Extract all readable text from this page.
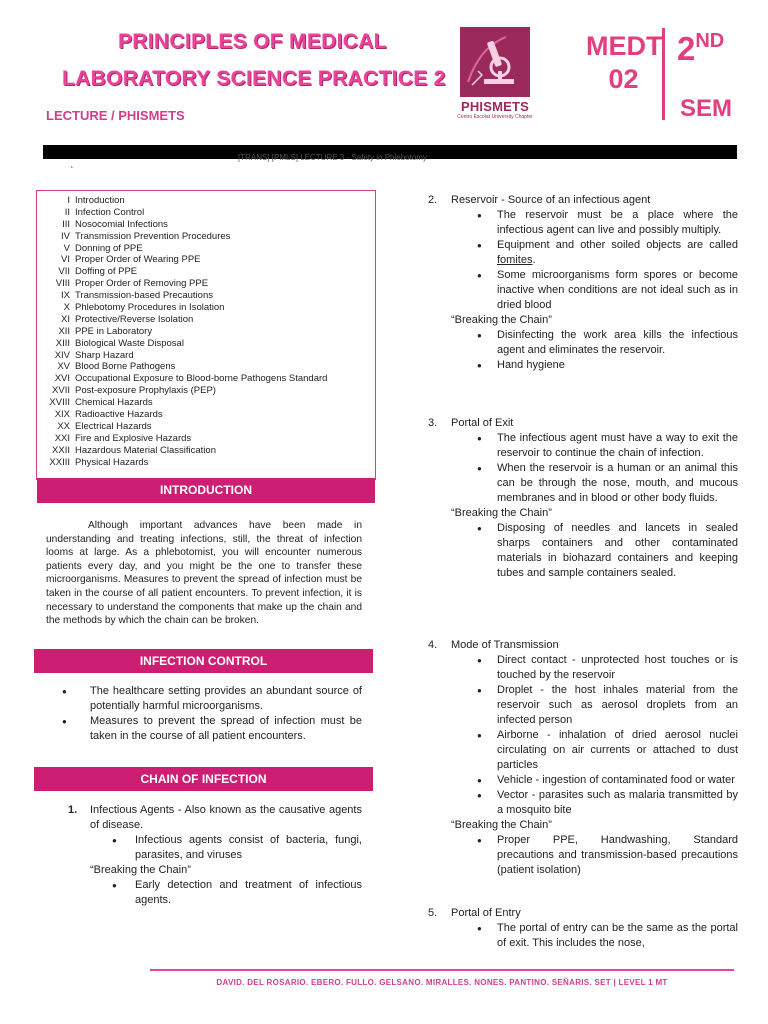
PRINCIPLES OF MEDICAL
LABORATORY SCIENCE PRACTICE 2
LECTURE / PHISMETS
PHISMETS
Centro Escolar University Chapter
MEDT
02
2ND
SEM
[TRANS] [PMLS] LECTURE 3 - Safety in Phlebotomy
`
I Introduction
II Infection Control
III Nosocomial Infections
IV Transmission Prevention Procedures
V Donning of PPE
VI Proper Order of Wearing PPE
VII Doffing of PPE
VIII Proper Order of Removing PPE
IX Transmission-based Precautions
X Phlebotomy Procedures in Isolation
XI Protective/Reverse Isolation
XII PPE in Laboratory
XIII Biological Waste Disposal
XIV Sharp Hazard
XV Blood Borne Pathogens
XVI Occupational Exposure to Blood-borne Pathogens Standard
XVII Post-exposure Prophylaxis (PEP)
XVIII Chemical Hazards
XIX Radioactive Hazards
XX Electrical Hazards
XXI Fire and Explosive Hazards
XXII Hazardous Material Classification
XXIII Physical Hazards
INTRODUCTION
Although important advances have been made in understanding and treating infections, still, the threat of infection looms at large. As a phlebotomist, you will encounter numerous patients every day, and you might be the one to transfer these microorganisms. Measures to prevent the spread of infection must be taken in the course of all patient encounters. To prevent infection, it is necessary to understand the components that make up the chain and the methods by which the chain can be broken.
INFECTION CONTROL
● The healthcare setting provides an abundant source of potentially harmful microorganisms.
● Measures to prevent the spread of infection must be taken in the course of all patient encounters.
CHAIN OF INFECTION
1. Infectious Agents - Also known as the causative agents of disease.
● Infectious agents consist of bacteria, fungi, parasites, and viruses
“Breaking the Chain”
● Early detection and treatment of infectious agents.
2. Reservoir - Source of an infectious agent
● The reservoir must be a place where the infectious agent can live and possibly multiply.
● Equipment and other soiled objects are called fomites.
● Some microorganisms form spores or become inactive when conditions are not ideal such as in dried blood
“Breaking the Chain”
● Disinfecting the work area kills the infectious agent and eliminates the reservoir.
● Hand hygiene
3. Portal of Exit
● The infectious agent must have a way to exit the reservoir to continue the chain of infection.
● When the reservoir is a human or an animal this can be through the nose, mouth, and mucous membranes and in blood or other body fluids.
“Breaking the Chain”
● Disposing of needles and lancets in sealed sharps containers and other contaminated materials in biohazard containers and keeping tubes and sample containers sealed.
4. Mode of Transmission
● Direct contact - unprotected host touches or is touched by the reservoir
● Droplet - the host inhales material from the reservoir such as aerosol droplets from an infected person
● Airborne - inhalation of dried aerosol nuclei circulating on air currents or attached to dust particles
● Vehicle - ingestion of contaminated food or water
● Vector - parasites such as malaria transmitted by a mosquito bite
“Breaking the Chain”
● Proper PPE, Handwashing, Standard precautions and transmission-based precautions (patient isolation)
5. Portal of Entry
● The portal of entry can be the same as the portal of exit. This includes the nose,
DAVID. DEL ROSARIO. EBERO. FULLO. GELSANO. MIRALLES. NONES. PANTINO. SEÑARIS. SET | LEVEL 1 MT
